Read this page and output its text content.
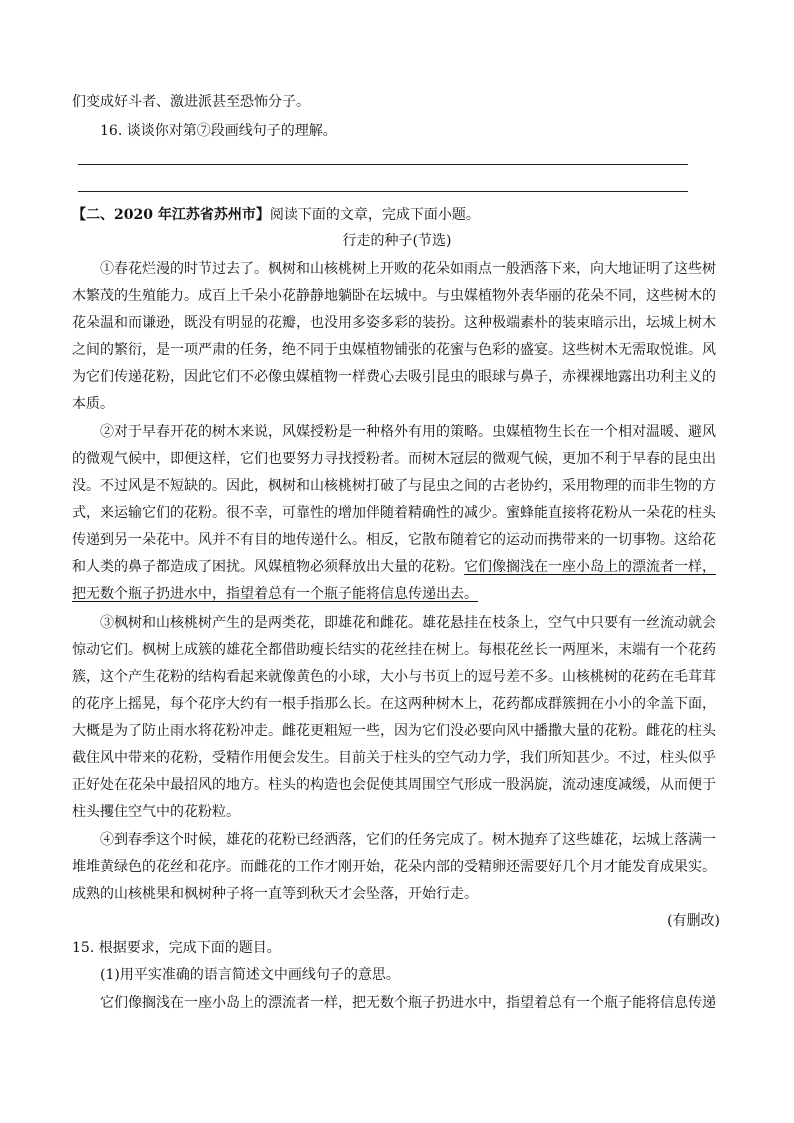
们变成好斗者、激进派甚至恐怖分子。
16. 谈谈你对第⑦段画线句子的理解。
【二、2020 年江苏省苏州市】阅读下面的文章，完成下面小题。
行走的种子(节选)
①春花烂漫的时节过去了。枫树和山核桃树上开败的花朵如雨点一般洒落下来，向大地证明了这些树
木繁茂的生殖能力。成百上千朵小花静静地躺卧在坛城中。与虫媒植物外表华丽的花朵不同，这些树木的
花朵温和而谦逊，既没有明显的花瓣，也没用多姿多彩的装扮。这种极端素朴的装束暗示出，坛城上树木
之间的繁衍，是一项严肃的任务，绝不同于虫媒植物铺张的花蜜与色彩的盛宴。这些树木无需取悦谁。风
为它们传递花粉，因此它们不必像虫媒植物一样费心去吸引昆虫的眼球与鼻子，赤裸裸地露出功利主义的
本质。
②对于早春开花的树木来说，风媒授粉是一种格外有用的策略。虫媒植物生长在一个相对温暖、避风
的微观气候中，即便这样，它们也要努力寻找授粉者。而树木冠层的微观气候，更加不利于早春的昆虫出
没。不过风是不短缺的。因此，枫树和山核桃树打破了与昆虫之间的古老协约，采用物理的而非生物的方
式，来运输它们的花粉。很不幸，可靠性的增加伴随着精确性的减少。蜜蜂能直接将花粉从一朵花的柱头
传递到另一朵花中。风并不有目的地传递什么。相反，它散布随着它的运动而携带来的一切事物。这给花
和人类的鼻子都造成了困扰。风媒植物必须释放出大量的花粉。它们像搁浅在一座小岛上的漂流者一样，
把无数个瓶子扔进水中，指望着总有一个瓶子能将信息传递出去。
③枫树和山核桃树产生的是两类花，即雄花和雌花。雄花悬挂在枝条上，空气中只要有一丝流动就会
惊动它们。枫树上成簇的雄花全都借助瘦长结实的花丝挂在树上。每根花丝长一两厘米，末端有一个花药
簇，这个产生花粉的结构看起来就像黄色的小球，大小与书页上的逗号差不多。山核桃树的花药在毛茸茸
的花序上摇晃，每个花序大约有一根手指那么长。在这两种树木上，花药都成群簇拥在小小的伞盖下面，
大概是为了防止雨水将花粉冲走。雌花更粗短一些，因为它们没必要向风中播撒大量的花粉。雌花的柱头
截住风中带来的花粉，受精作用便会发生。目前关于柱头的空气动力学，我们所知甚少。不过，柱头似乎
正好处在花朵中最招风的地方。柱头的构造也会促使其周围空气形成一股涡旋，流动速度减缓，从而便于
柱头攫住空气中的花粉粒。
④到春季这个时候，雄花的花粉已经洒落，它们的任务完成了。树木抛弃了这些雄花，坛城上落满一
堆堆黄绿色的花丝和花序。而雌花的工作才刚开始，花朵内部的受精卵还需要好几个月才能发育成果实。
成熟的山核桃果和枫树种子将一直等到秋天才会坠落，开始行走。
(有删改)
15. 根据要求，完成下面的题目。
(1)用平实准确的语言简述文中画线句子的意思。
它们像搁浅在一座小岛上的漂流者一样，把无数个瓶子扔进水中，指望着总有一个瓶子能将信息传递
